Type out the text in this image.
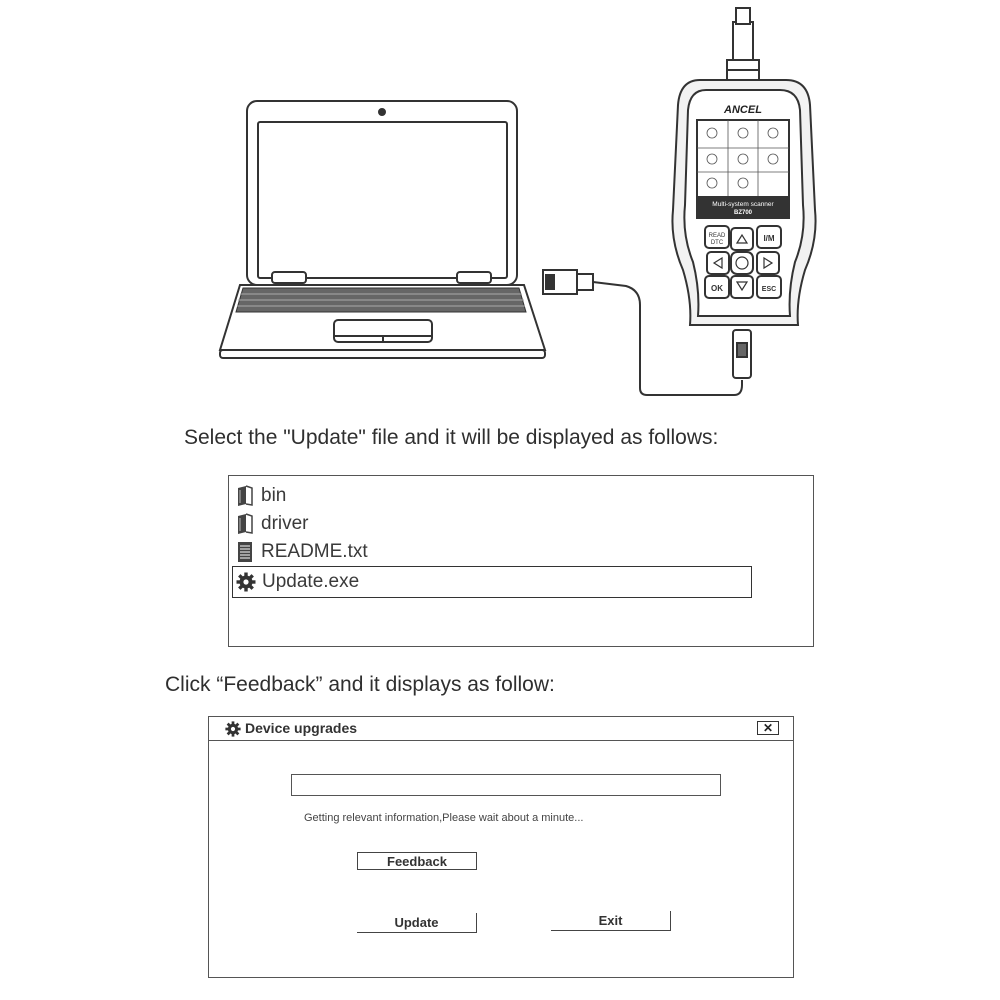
ANCEL
Multi-system scanner
BZ700
READ DTC	I/M
OK	ESC
Select the "Update" file and it will be displayed as follows:
bin
driver
README.txt
Update.exe
Click “Feedback” and it displays as follow:
Device upgrades	✕
Getting relevant information,Please wait about a minute...
Feedback
Update	Exit
